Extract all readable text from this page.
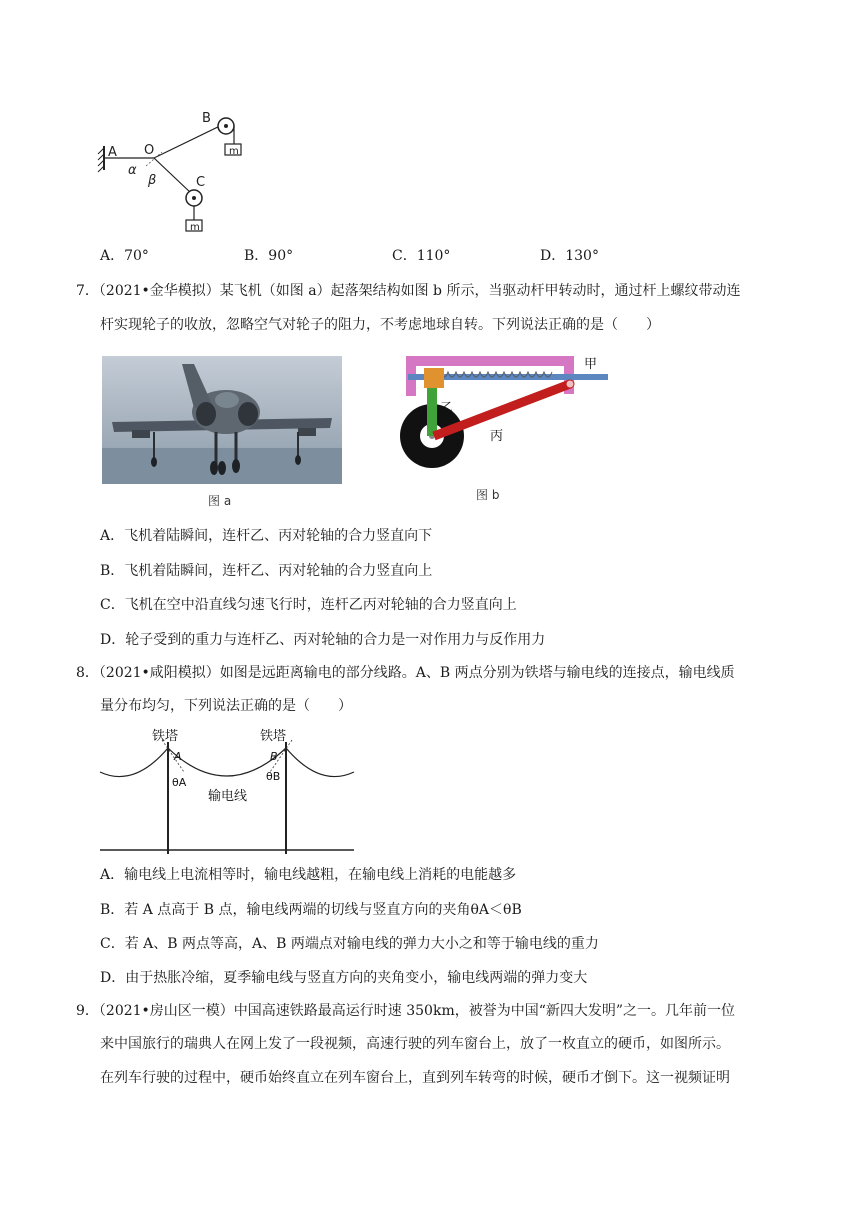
A O
B
C
α
β
m
m
A．70°	B．90°	C．110°	D．130°
7．（2021•金华模拟）某飞机（如图 a）起落架结构如图 b 所示，当驱动杆甲转动时，通过杆上螺纹带动连
杆实现轮子的收放，忽略空气对轮子的阻力，不考虑地球自转。下列说法正确的是（　　）
图 a
甲
乙
丙
图 b
A．飞机着陆瞬间，连杆乙、丙对轮轴的合力竖直向下
B．飞机着陆瞬间，连杆乙、丙对轮轴的合力竖直向上
C．飞机在空中沿直线匀速飞行时，连杆乙丙对轮轴的合力竖直向上
D．轮子受到的重力与连杆乙、丙对轮轴的合力是一对作用力与反作用力
8．（2021•咸阳模拟）如图是远距离输电的部分线路。A、B 两点分别为铁塔与输电线的连接点，输电线质
量分布均匀，下列说法正确的是（　　）
铁塔	铁塔
A	B
θA	θB
输电线
A．输电线上电流相等时，输电线越粗，在输电线上消耗的电能越多
B．若 A 点高于 B 点，输电线两端的切线与竖直方向的夹角θA＜θB
C．若 A、B 两点等高，A、B 两端点对输电线的弹力大小之和等于输电线的重力
D．由于热胀冷缩，夏季输电线与竖直方向的夹角变小，输电线两端的弹力变大
9．（2021•房山区一模）中国高速铁路最高运行时速 350km，被誉为中国“新四大发明”之一。几年前一位
来中国旅行的瑞典人在网上发了一段视频，高速行驶的列车窗台上，放了一枚直立的硬币，如图所示。
在列车行驶的过程中，硬币始终直立在列车窗台上，直到列车转弯的时候，硬币才倒下。这一视频证明
